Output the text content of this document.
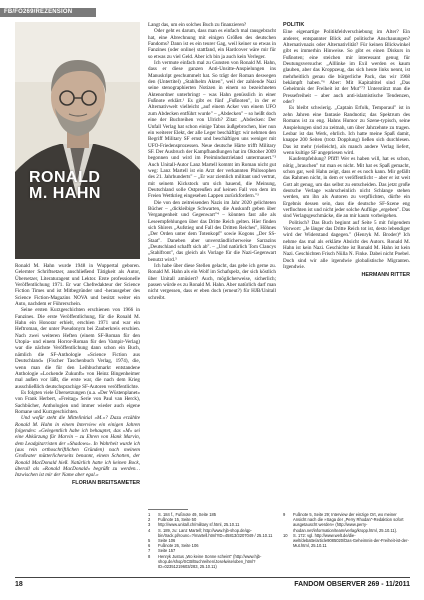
FB/FO269/REZENSION
RONALD
M. HAHN

Ronald M. Hahn wurde 1948 in Wuppertal geboren. Gelernter Schriftsetzer, anschließend Tätigkeit als Autor, Übersetzer, Literaturagent und Lektor. Erste professionelle Veröffentlichung 1971. Er war Chefredakteur der Science Fiction Times und ist Mitbegründer und -herausgeber des Science Fiction-Magazins NOVA und besitzt weiter ein Auto, nachdem er Führerschein.

Seine ersten Kurzgeschichten erschienen von 1966 in Fanzines. Die erste Veröffentlichung, für die Ronald M. Hahn ein Honorar erhielt, erschien 1971 und war ein Heftroman, der unter Pseudonym bei Zauberkreis erschien. Nach zwei weiteren Heften (einem SF-Roman für den Utopia- und einem Horror-Roman für den Vampir-Verlag) war die nächste Veröffentlichung dann schon ein Buch, nämlich die SF-Anthologie »Science Fiction aus Deutschland« (Fischer Taschenbuch Verlag, 1974), die, wenn man die für den Leihbuchmarkt entstandene Anthologie »Lockende Zukunft« von Heinz Bingenheimer mal außen vor läßt, die erste war, die nach dem Krieg ausschließlich deutschsprachige SF-Autoren veröffentlichte.

Es folgten viele Übersetzungen (u.a. »Der Wüstenplanet« von Frank Herbert, »Freitag« Serie von Paul van Herck), Sachbücher, Anthologien und immer wieder auch eigene Romane und Kurzgeschichten.

Und wofür steht die Mittelinitial »M.«? Dazu erzählte Ronald M. Hahn in einem Interview ein einigen Jahren folgendes: »Gelegentlich habe ich behauptet, das »M« sei eine Abkürzung für Marvin – zu Ehren von Hank Marvin, dem Leadgitarristen der »Shadows«. In Wahrheit wurde ich (aus rein orthoschriftlichen Gründen) nach meinem Großvater mütterlicherseits benannt, einem Schotten, der Ronald MacDonald hieß. Natürlich hatte ich keinen Bock, überall als »Ronald MacDonald« begrüßt zu werden… Inzwischen ist mir der Name aber egal.«

FLORIAN BREITSAMETER

Langt das, um ein solches Buch zu finanzieren?

Oder geht es darum, dass man es einfach mal rausgebracht hat, eine Abrechnung mit einigen Größen des deutschen Fandoms? Dann ist es ein teurer Gag, weil keiner so etwas in Fanzines (oder online) stattfand, ein Hardcover wäre mir für so etwas zu viel Geld. Aber ich bin ja auch kein Verleger.

Ich vermute einfach mal zu Gunsten von Ronald M. Hahn, dass er diese ganzen Anti-Unsitte-Anspielungen ins Manuskript geschummelt hat. So trägt der Roman deswegen den (Untertitel) „Stahlhelm Akten", weil der zahlende Nazi seine stenographierten Notizen in einem so bezeichneten Aktenordner unterbringt – was Hahn genüsslich in einer Fußnote erklärt.¹ Es gibt es fünf „Fußnoten", in der er Alternativwelt vielleicht „auf einem Acker von einem UFO zum Abdecken entführt wurde" – „Abdecken" – so heißt doch eine der Buchreihen von Ulrich? Zitat: „Abdecken: Der Unfall Verlag hat schon einige Tabus äußgebrochen, hier nun ein weiterer Elekt, der alle Leger beschäftigt: wir nehmen den Begriff Military SF ernst und beschäftigen uns weniger mit UFO-Friedensprozessen. Neue deutsche Härte trifft Military SF. Der Ausbruch der Kampfhandlungen hat im Oktober 2009 begonnen und wird im Preimindustrieland untermauert."² Auch Unitall-Autor Lanz Martell kommt im Roman nicht gut weg: Lanz Martell ist ein Arzt der verkannten Philosophen des 21. Jahrhunderts" – „Er war ziemlich militant und vertrat, mit seinem Kickstock um sich hauend, die Meinung, Deutschland solle Ostpreußen auf keinen Fall von dem im Freien Wettkrieg eingesehen Lappen zurückfordern."³

Die von den zeitreisenden Nazis im Jahr 2020 gelichteten Bücher – „dickleibige Schwarten, die Auskunft geben über Vergangenheit und Gegenwart"⁴ – könnten fast alle als Leseempfehlungen über das Dritte Reich gelten. Hier finden sich Shirers „Aufstieg und Fall des Dritten Reiches", Höhnes „Der Orden unter dem Totenkopf" sowie Kogons „Der SS-Staat". Daneben aber unverständlicherweise Sarrazins „Deutschland schafft sich ab". – „Und natürlich Tom Clancys „Stahlfront", das gleich als Vorlage für die Nazi-Gegenwart benutzt wird.⁵

Ich habe über diese Stellen gelacht, das gebe ich gerne zu. Ronald M. Hahn als ein Wolf im Schafspelz, der sich köstlich über Unitall amüsiert? Auch, möglicherweise, sicherlich; passen würde es zu Ronald M. Hahn. Aber natürlich darf man nicht vergessen, dass er eben doch (erneut?) für HJB/Unitall schreibt.

POLITIK

Eine eigenartige Politikfeldverschiebung im Alter? Ein anderer, entspannter Blick auf politische Anschauungen? Alternativnazis oder Alternativlität? Für keinen Blickwinkel gibt es immerhin Hinweise. So gibt es einen Diskurs in Fußnoten; eine steichen mir interessant genug für Deutungsversuche: „Alllinke im Exil werden es kaum glauben, aber das Kroppzeug, das sich heute links nennt, ist mehrheitlich genau die bürgerliche Pack, das wir 1968 bekämpft haben."⁶ Aber: Mit Kapitaltitel sind „Das Geheimnis der Freiheit ist der Mut"⁷? Unterstützt man die Pressefreiheit – aber auch anti-islamistische Tendenzen, oder?

Es bleibt schwierig. „Captain Erfolk, Temporaul" ist in zehn Jahren eine fantasie Randnotiz; das Spektrum des Romans ist zu eng. Hahns Humor zu Szene-typisch, seine Anspielungen sind zu zeitnah, um über Jahrzehnte zu tragen. Lesbar ist das Werk, ehrlich. Ich hatte meine Spaß damit, knappe 200 Seiten (trotz Dopplung) ließen sich durchlesen. Das ist mehr (vielleicht), als manch andere Verlag liefert, wenn kultige SF angepriesen wird.

Kaufempfehlung? Pfiff! Wer es haben will, hat es schon, nötig „brauchen" tut man es nicht. Mit hat es Spaß gemacht, schon gar, weil Hahn zeigt, dass er es noch kann. Mir gefällt das Rahmen nicht, in dem er veröffentlicht – aber er ist weit Gott alt genug, um das selbst zu entscheiden. Das jetzt große deutsche Verlage wahrscheinlich nicht Schlange stehen werden, um ihn als Autoren zu verpflichten, dürfte ein Ergebnis dessen sein, dass die deutsche SF-Szene eng verflochten ist und nicht jeder solche Auflüge „ergeben". Das sind Verlagsgeschmäcke, die an mir kaum vorbeigehen.

Politisch? Das Buch beginnt auf Seite 5 mit folgendem Vorwort: „Je länger das Dritte Reich tot ist, desto lebendiger wird der Widerstand dagegen." (Henryk M. Broder)⁸ Ich nehme das mal als erklärte Absicht des Autors. Ronald M. Hahn ist kein Nazi. Geschichte ist Ronald M. Hahn ist kein Nazi. Geschichten Frisch Nülla N. Finke. Dabei nicht Poebel. Doch sind wir alle irgendwie globalistische Migranten. Irgendwie.

HERMANN RITTER
1	S. 184 f., Fußnote 49, Seite 185
2	Fußnote 15, Seite 50
3	http://www.unitall.ch/military sf.html, 25.10.11
4	S. 189, zu: Lanz Martell; http://www.hjb-shop.de/qp-bin/track.pl/rounc=?/martell.html?ID=45813/3207049 / 25.10.11
5	Seite 106
6	Fußnote 26, Seite 106
7	Seite 157
8	Henryk Justus „Wo keine Sonne scheint" (http://www.hjb-shop.de/shop/SCB/Buchreihen/Joselwise/oben_html?ID=02351219603/283, 25.10.11)
9	Fußnote 5, Seite 29; Interview der einzige Ort, wo meiner Ansicht nach die »Saga der „Perry Rhodan"-Redaktion sofort ausgetauscht werden« (http://www.perry-rhodan.net/information/team/verlag/kropp.html, 25.10.11).
10	S. 172: vgl. http://www.welt.de/die-welt/debatte/article9085020/Das-Geheimnis-der-Freiheit-ist-der-Mut.html, 25.10.11
18	FANDOM OBSERVER 269 - 11/2011
